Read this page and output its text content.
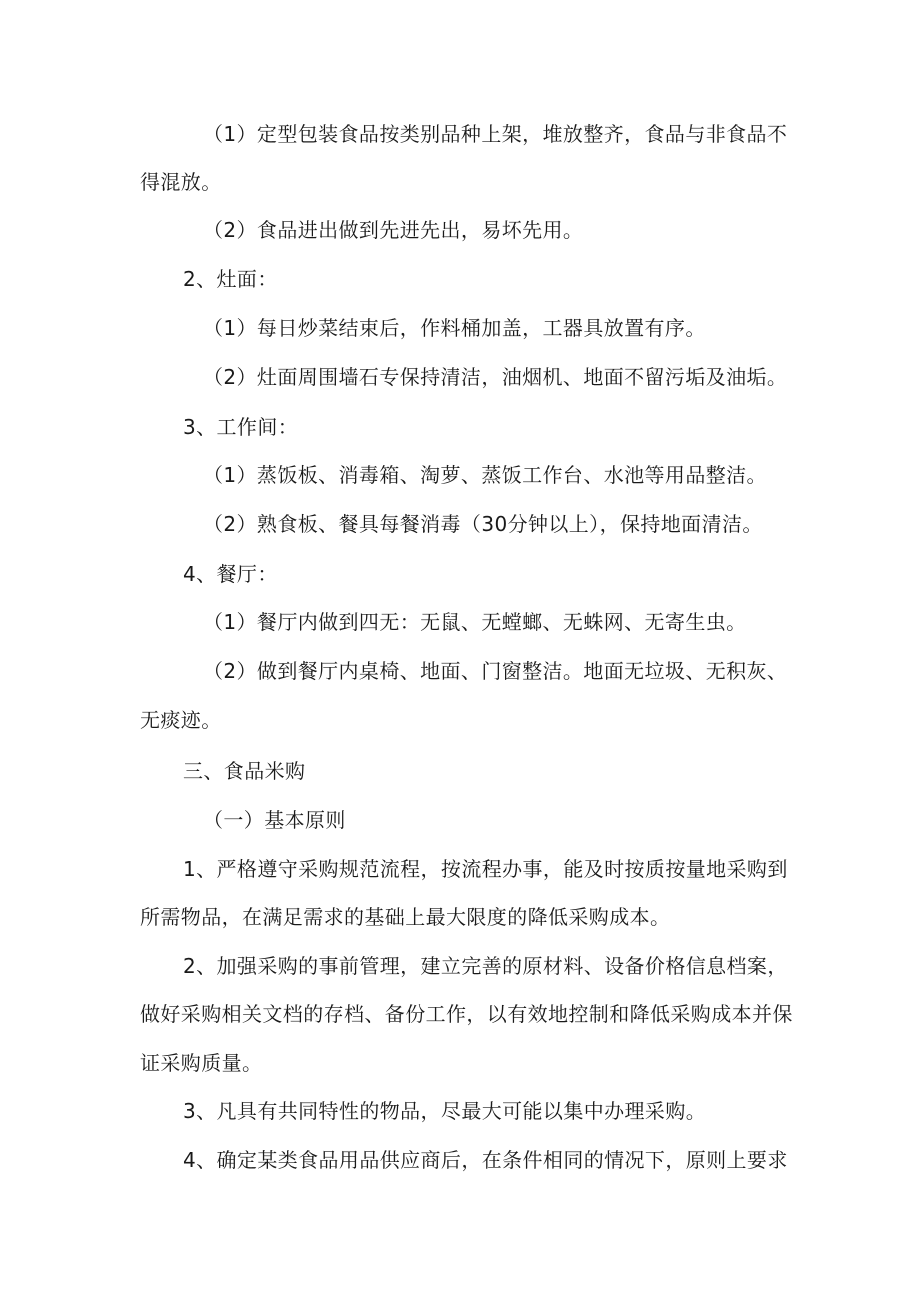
（1）定型包装食品按类别品种上架，堆放整齐，食品与非食品不
得混放。
（2）食品进出做到先进先出，易坏先用。
2、灶面：
（1）每日炒菜结束后，作料桶加盖，工器具放置有序。
（2）灶面周围墙石专保持清洁，油烟机、地面不留污垢及油垢。
3、工作间：
（1）蒸饭板、消毒箱、淘萝、蒸饭工作台、水池等用品整洁。
（2）熟食板、餐具每餐消毒（30分钟以上），保持地面清洁。
4、餐厅：
（1）餐厅内做到四无：无鼠、无螳螂、无蛛网、无寄生虫。
（2）做到餐厅内桌椅、地面、门窗整洁。地面无垃圾、无积灰、
无痰迹。
三、食品米购
（一）基本原则
1、严格遵守采购规范流程，按流程办事，能及时按质按量地采购到
所需物品，在满足需求的基础上最大限度的降低采购成本。
2、加强采购的事前管理，建立完善的原材料、设备价格信息档案，
做好采购相关文档的存档、备份工作，以有效地控制和降低采购成本并保
证采购质量。
3、凡具有共同特性的物品，尽最大可能以集中办理采购。
4、确定某类食品用品供应商后，在条件相同的情况下，原则上要求
